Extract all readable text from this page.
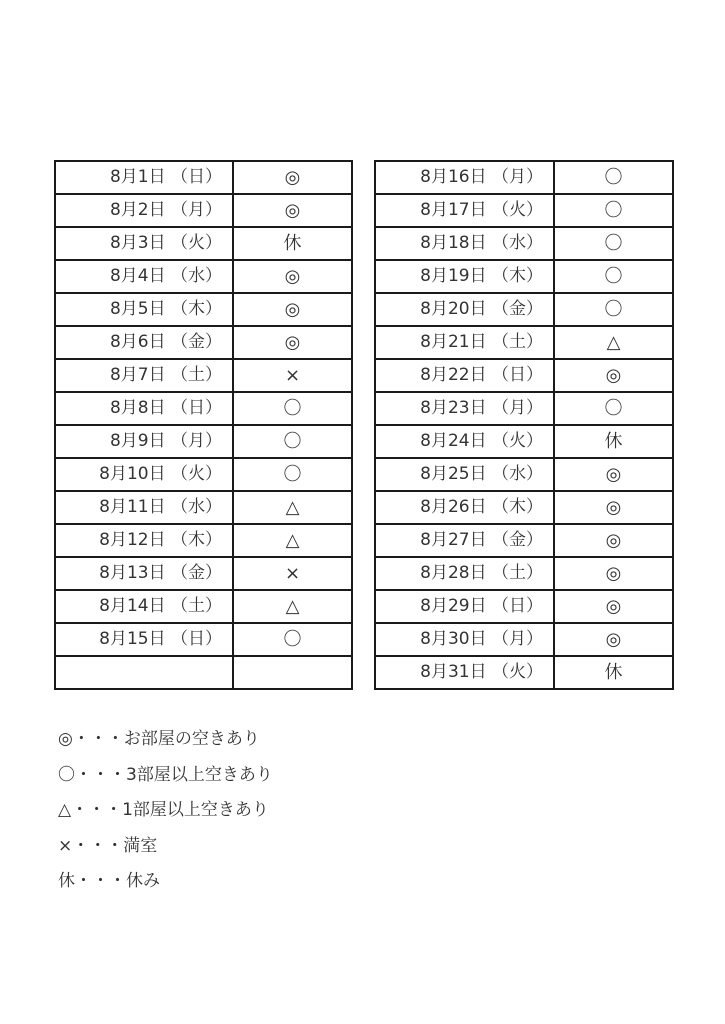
8月1日 （日）	◎
8月2日 （月）	◎
8月3日 （火）	休
8月4日 （水）	◎
8月5日 （木）	◎
8月6日 （金）	◎
8月7日 （土）	×
8月8日 （日）	〇
8月9日 （月）	〇
8月10日 （火）	〇
8月11日 （水）	△
8月12日 （木）	△
8月13日 （金）	×
8月14日 （土）	△
8月15日 （日）	〇

8月16日 （月）	〇
8月17日 （火）	〇
8月18日 （水）	〇
8月19日 （木）	〇
8月20日 （金）	〇
8月21日 （土）	△
8月22日 （日）	◎
8月23日 （月）	〇
8月24日 （火）	休
8月25日 （水）	◎
8月26日 （木）	◎
8月27日 （金）	◎
8月28日 （土）	◎
8月29日 （日）	◎
8月30日 （月）	◎
8月31日 （火）	休
◎・・・お部屋の空きあり
〇・・・3部屋以上空きあり
△・・・1部屋以上空きあり
×・・・満室
休・・・休み
